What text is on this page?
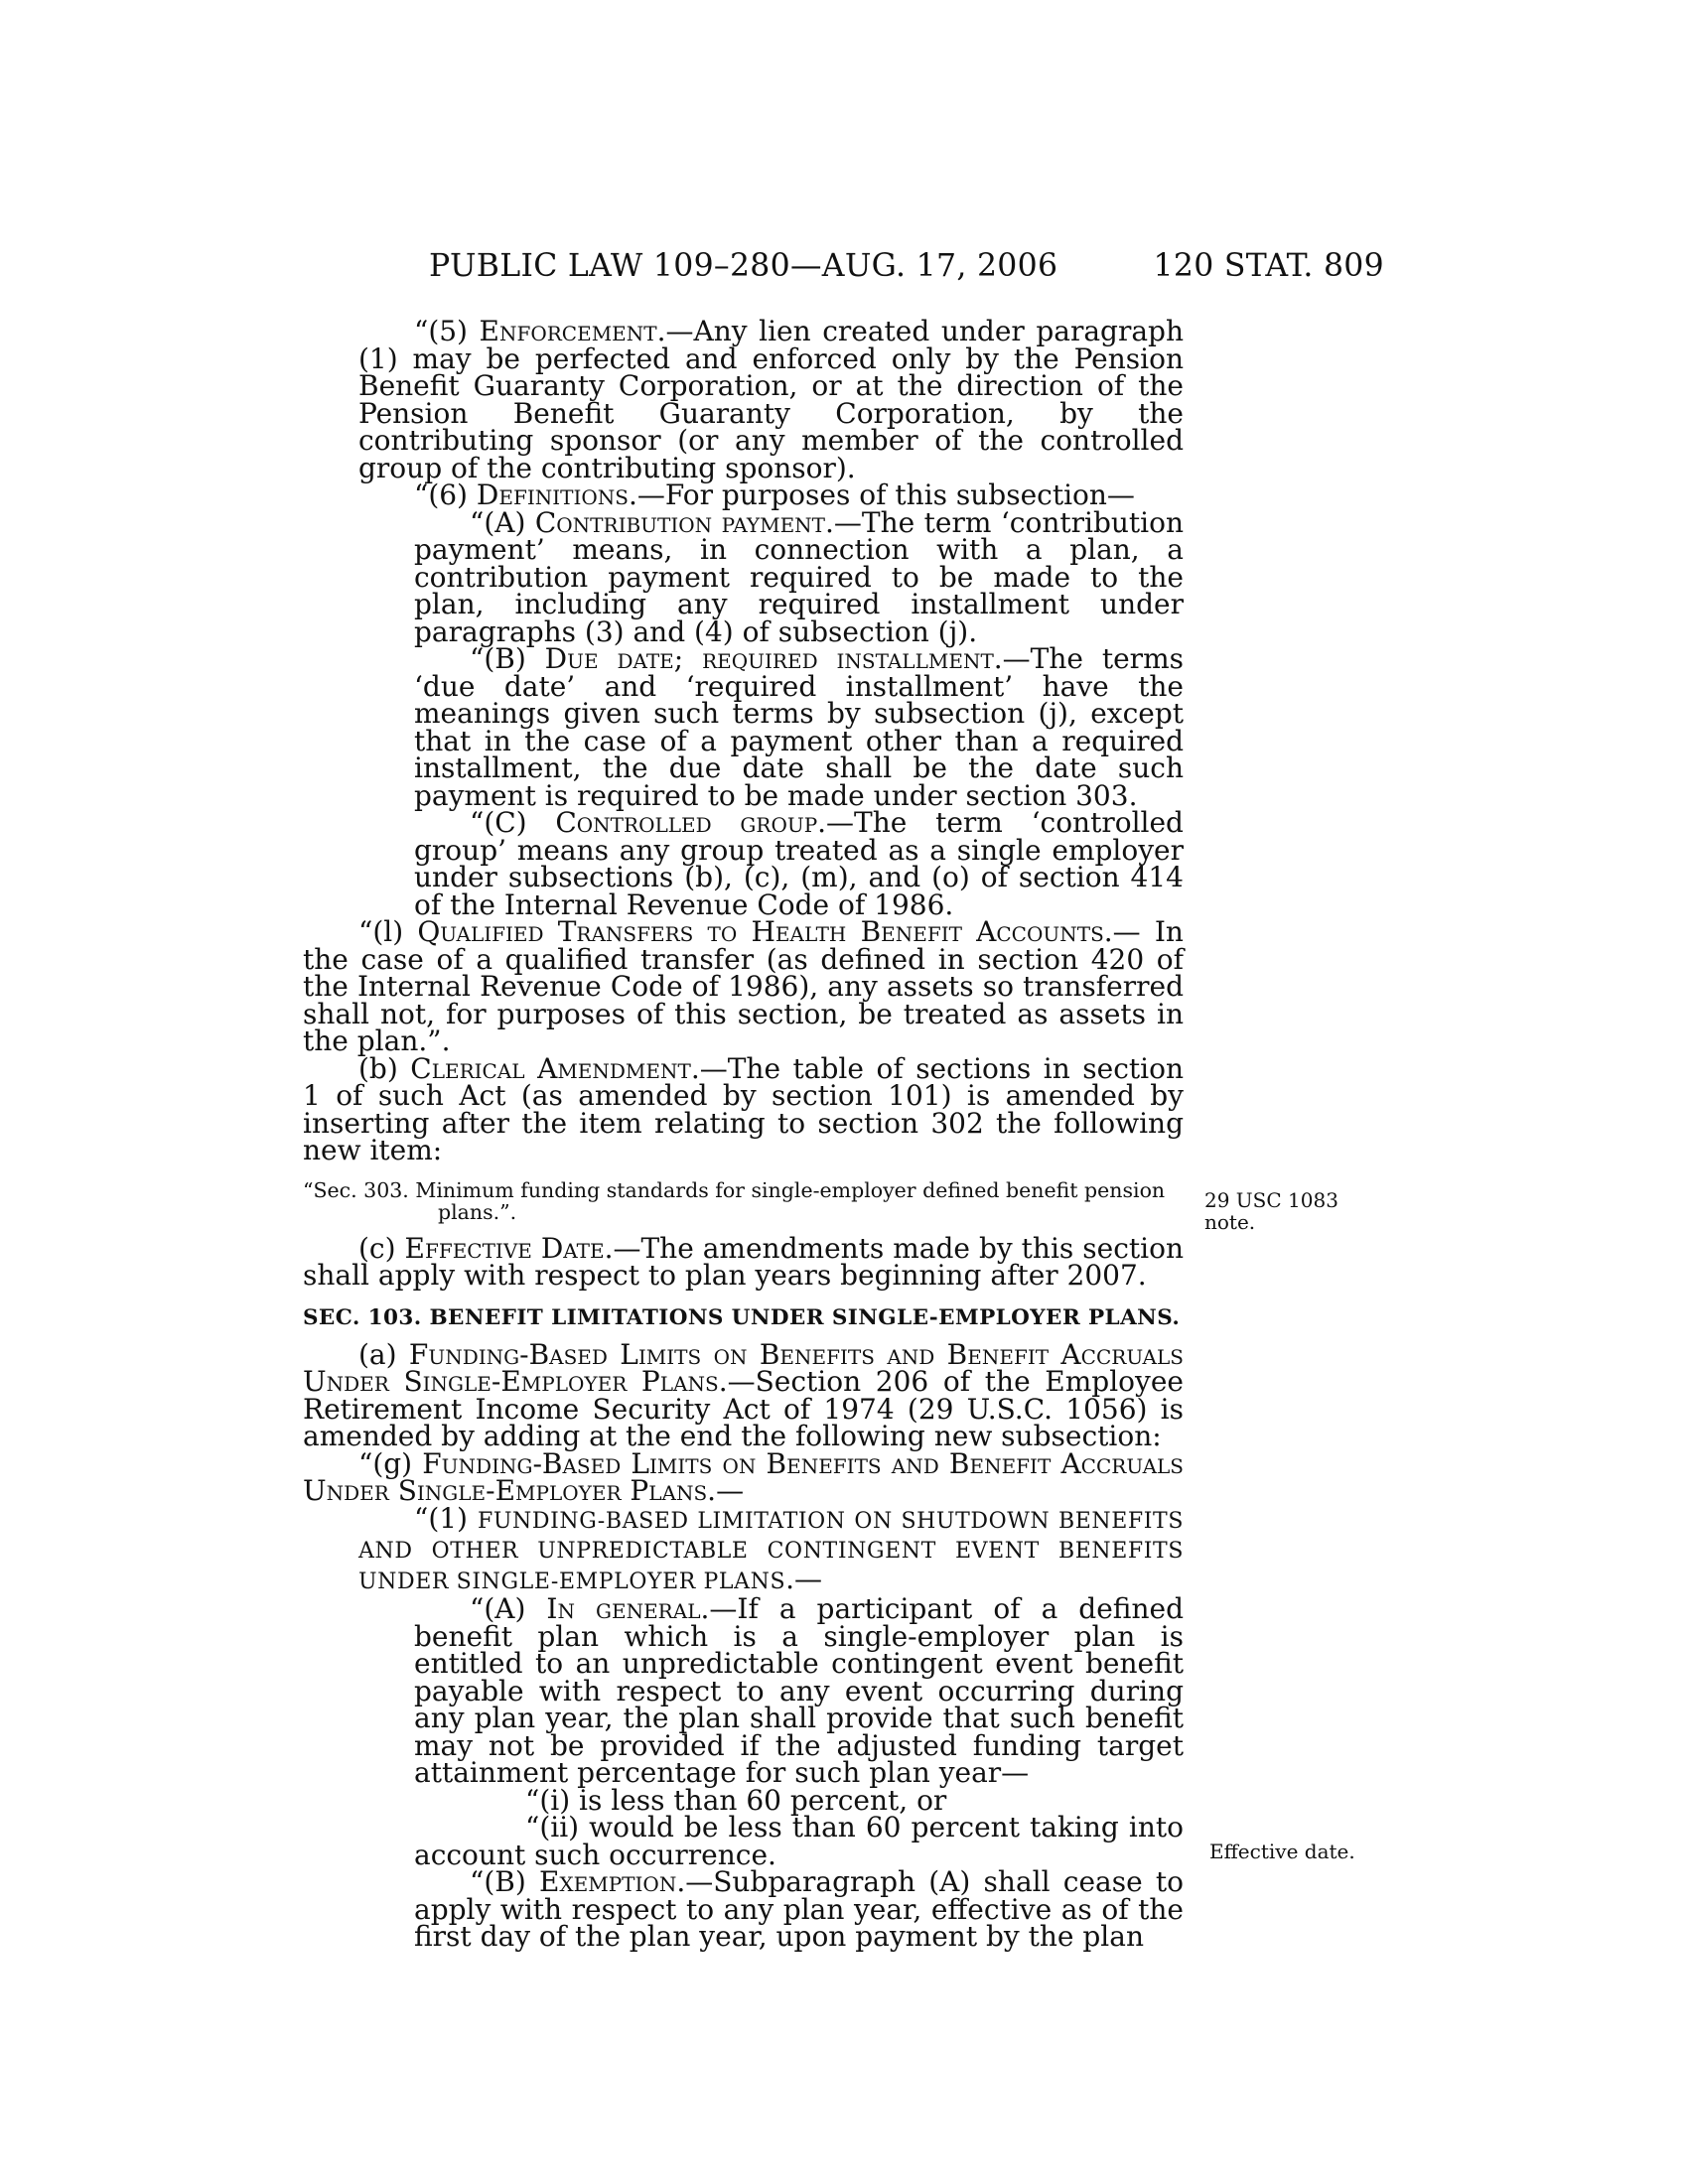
PUBLIC LAW 109–280—AUG. 17, 2006	120 STAT. 809

“(5) Enforcement.—Any lien created under paragraph (1) may be perfected and enforced only by the Pension Benefit Guaranty Corporation, or at the direction of the Pension Benefit Guaranty Corporation, by the contributing sponsor (or any member of the controlled group of the contributing sponsor).

“(6) Definitions.—For purposes of this subsection—

“(A) Contribution payment.—The term ‘contribution payment’ means, in connection with a plan, a contribution payment required to be made to the plan, including any required installment under paragraphs (3) and (4) of subsection (j).

“(B) Due date; required installment.—The terms ‘due date’ and ‘required installment’ have the meanings given such terms by subsection (j), except that in the case of a payment other than a required installment, the due date shall be the date such payment is required to be made under section 303.

“(C) Controlled group.—The term ‘controlled group’ means any group treated as a single employer under subsections (b), (c), (m), and (o) of section 414 of the Internal Revenue Code of 1986.

“(l) Qualified Transfers to Health Benefit Accounts.— In the case of a qualified transfer (as defined in section 420 of the Internal Revenue Code of 1986), any assets so transferred shall not, for purposes of this section, be treated as assets in the plan.”.

(b) Clerical Amendment.—The table of sections in section 1 of such Act (as amended by section 101) is amended by inserting after the item relating to section 302 the following new item:

“Sec. 303. Minimum funding standards for single-employer defined benefit pension
plans.”.

(c) Effective Date.—The amendments made by this section shall apply with respect to plan years beginning after 2007.

SEC. 103. BENEFIT LIMITATIONS UNDER SINGLE-EMPLOYER PLANS.

(a) Funding-Based Limits on Benefits and Benefit Accruals Under Single-Employer Plans.—Section 206 of the Employee Retirement Income Security Act of 1974 (29 U.S.C. 1056) is amended by adding at the end the following new subsection:

“(g) Funding-Based Limits on Benefits and Benefit Accruals Under Single-Employer Plans.—

“(1) FUNDING-BASED LIMITATION ON SHUTDOWN BENEFITS AND OTHER UNPREDICTABLE CONTINGENT EVENT BENEFITS UNDER SINGLE-EMPLOYER PLANS.—

“(A) In general.—If a participant of a defined benefit plan which is a single-employer plan is entitled to an unpredictable contingent event benefit payable with respect to any event occurring during any plan year, the plan shall provide that such benefit may not be provided if the adjusted funding target attainment percentage for such plan year—

“(i) is less than 60 percent, or

“(ii) would be less than 60 percent taking into account such occurrence.

“(B) Exemption.—Subparagraph (A) shall cease to apply with respect to any plan year, effective as of the first day of the plan year, upon payment by the plan

29 USC 1083
note.
Effective date.
